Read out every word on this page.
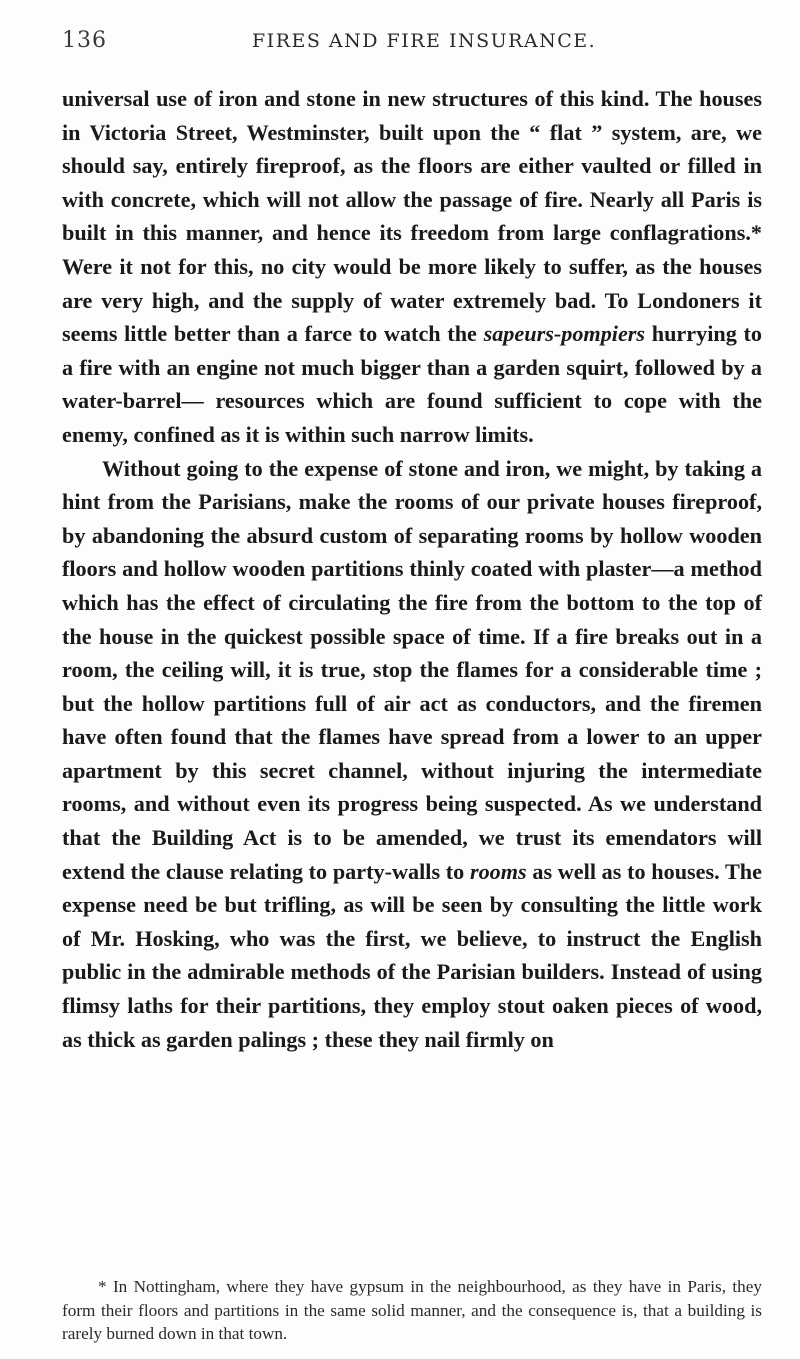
136	FIRES AND FIRE INSURANCE.

universal use of iron and stone in new structures of this kind. The houses in Victoria Street, Westminster, built upon the “ flat ” system, are, we should say, entirely fireproof, as the floors are either vaulted or filled in with concrete, which will not allow the passage of fire. Nearly all Paris is built in this manner, and hence its freedom from large conflagrations.* Were it not for this, no city would be more likely to suffer, as the houses are very high, and the supply of water extremely bad. To Londoners it seems little better than a farce to watch the sapeurs-pompiers hurrying to a fire with an engine not much bigger than a garden squirt, followed by a water-barrel— resources which are found sufficient to cope with the enemy, confined as it is within such narrow limits.

Without going to the expense of stone and iron, we might, by taking a hint from the Parisians, make the rooms of our private houses fireproof, by abandoning the absurd custom of separating rooms by hollow wooden floors and hollow wooden partitions thinly coated with plaster—a method which has the effect of circulating the fire from the bottom to the top of the house in the quickest possible space of time. If a fire breaks out in a room, the ceiling will, it is true, stop the flames for a considerable time ; but the hollow partitions full of air act as conductors, and the firemen have often found that the flames have spread from a lower to an upper apartment by this secret channel, without injuring the intermediate rooms, and without even its progress being suspected. As we understand that the Building Act is to be amended, we trust its emendators will extend the clause relating to party-walls to rooms as well as to houses. The expense need be but trifling, as will be seen by consulting the little work of Mr. Hosking, who was the first, we believe, to instruct the English public in the admirable methods of the Parisian builders. Instead of using flimsy laths for their partitions, they employ stout oaken pieces of wood, as thick as garden palings ; these they nail firmly on

* In Nottingham, where they have gypsum in the neighbourhood, as they have in Paris, they form their floors and partitions in the same solid manner, and the consequence is, that a building is rarely burned down in that town.
